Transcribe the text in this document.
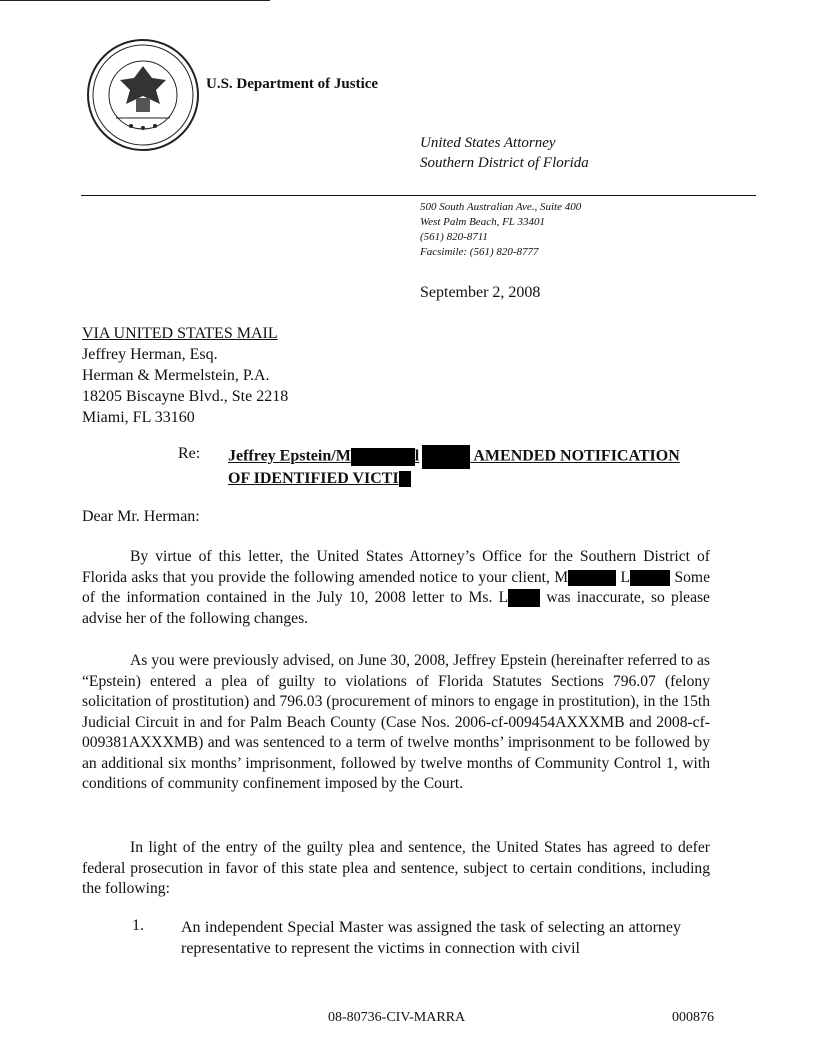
U.S. Department of Justice
United States Attorney
Southern District of Florida
500 South Australian Ave., Suite 400
West Palm Beach, FL 33401
(561) 820-8711
Facsimile: (561) 820-8777
September 2, 2008
VIA UNITED STATES MAIL
Jeffrey Herman, Esq.
Herman & Mermelstein, P.A.
18205 Biscayne Blvd., Ste 2218
Miami, FL 33160
Re: Jeffrey Epstein/M	l	AMENDED NOTIFICATION
OF IDENTIFIED VICTI
Dear Mr. Herman:
By virtue of this letter, the United States Attorney’s Office for the Southern District of Florida asks that you provide the following amended notice to your client, M	L	Some of the information contained in the July 10, 2008 letter to Ms. L was inaccurate, so please advise her of the following changes.
As you were previously advised, on June 30, 2008, Jeffrey Epstein (hereinafter referred to as “Epstein) entered a plea of guilty to violations of Florida Statutes Sections 796.07 (felony solicitation of prostitution) and 796.03 (procurement of minors to engage in prostitution), in the 15th Judicial Circuit in and for Palm Beach County (Case Nos. 2006-cf-009454AXXXMB and 2008-cf-009381AXXXMB) and was sentenced to a term of twelve months’ imprisonment to be followed by an additional six months’ imprisonment, followed by twelve months of Community Control 1, with conditions of community confinement imposed by the Court.
In light of the entry of the guilty plea and sentence, the United States has agreed to defer federal prosecution in favor of this state plea and sentence, subject to certain conditions, including the following:
1. An independent Special Master was assigned the task of selecting an attorney representative to represent the victims in connection with civil
08-80736-CIV-MARRA	000876
